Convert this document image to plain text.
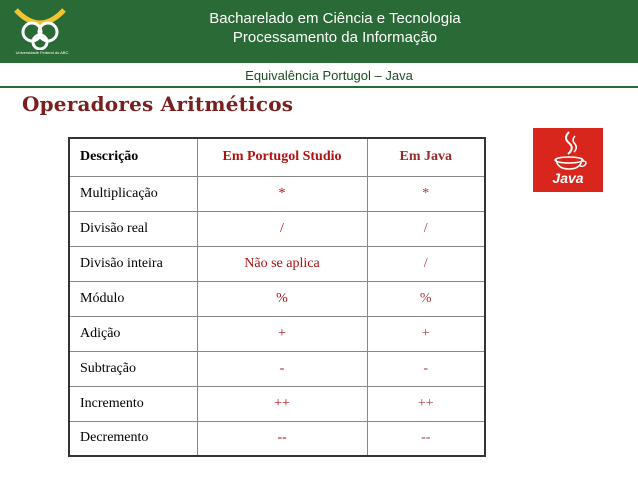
Universidade Federal do ABC
Bacharelado em Ciência e Tecnologia
Processamento da Informação
Equivalência Portugol – Java
Operadores Aritméticos
Descrição	Em Portugol Studio	Em Java
Multiplicação	*	*
Divisão real	/	/
Divisão inteira	Não se aplica	/
Módulo	%	%
Adição	+	+
Subtração	-	-
Incremento	++	++
Decremento	--	--
Java
